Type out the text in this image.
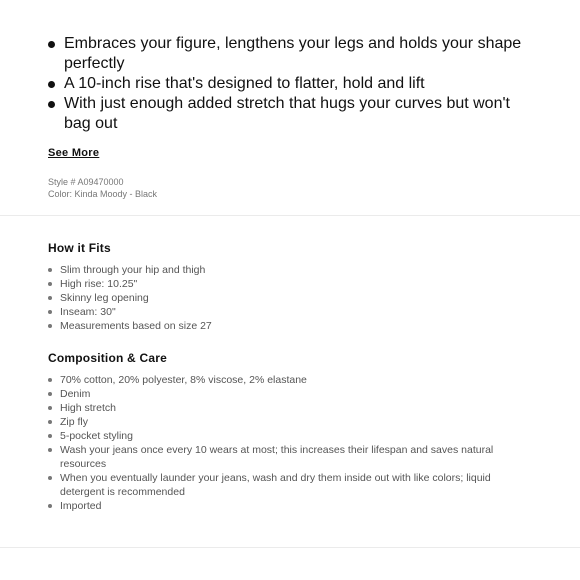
Embraces your figure, lengthens your legs and holds your shape perfectly
A 10-inch rise that's designed to flatter, hold and lift
With just enough added stretch that hugs your curves but won't bag out
See More
Style # A09470000
Color: Kinda Moody - Black
How it Fits
Slim through your hip and thigh
High rise: 10.25"
Skinny leg opening
Inseam: 30"
Measurements based on size 27
Composition & Care
70% cotton, 20% polyester, 8% viscose, 2% elastane
Denim
High stretch
Zip fly
5-pocket styling
Wash your jeans once every 10 wears at most; this increases their lifespan and saves natural resources
When you eventually launder your jeans, wash and dry them inside out with like colors; liquid detergent is recommended
Imported
